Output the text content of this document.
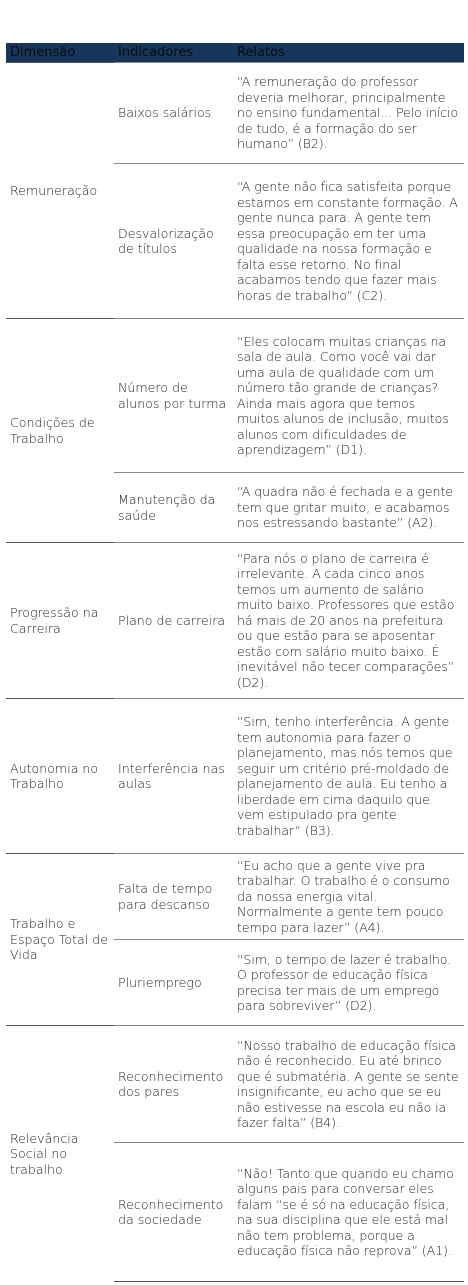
Dimensão	Indicadores	Relatos
Remuneração	Baixos salários	“A remuneração do professor deveria melhorar, principalmente no ensino fundamental... Pelo início de tudo, é a formação do ser humano” (B2).
	Desvalorização de títulos	“A gente não fica satisfeita porque estamos em constante formação. A gente nunca para. A gente tem essa preocupação em ter uma qualidade na nossa formação e falta esse retorno. No final acabamos tendo que fazer mais horas de trabalho” (C2).
Condições de Trabalho	Número de alunos por turma	“Eles colocam muitas crianças na sala de aula. Como você vai dar uma aula de qualidade com um número tão grande de crianças? Ainda mais agora que temos muitos alunos de inclusão, muitos alunos com dificuldades de aprendizagem” (D1).
	Manutenção da saúde	“A quadra não é fechada e a gente tem que gritar muito, e acabamos nos estressando bastante” (A2).
Progressão na Carreira	Plano de carreira	“Para nós o plano de carreira é irrelevante. A cada cinco anos temos um aumento de salário muito baixo. Professores que estão há mais de 20 anos na prefeitura ou que estão para se aposentar estão com salário muito baixo. É inevitável não tecer comparações” (D2).
Autonomia no Trabalho	Interferência nas aulas	“Sim, tenho interferência. A gente tem autonomia para fazer o planejamento, mas nós temos que seguir um critério pré-moldado de planejamento de aula. Eu tenho a liberdade em cima daquilo que vem estipulado pra gente trabalhar” (B3).
Trabalho e Espaço Total de Vida	Falta de tempo para descanso	“Eu acho que a gente vive pra trabalhar. O trabalho é o consumo da nossa energia vital. Normalmente a gente tem pouco tempo para lazer” (A4).
	Pluriemprego	“Sim, o tempo de lazer é trabalho. O professor de educação física precisa ter mais de um emprego para sobreviver” (D2).
Relevância Social no trabalho	Reconhecimento dos pares	“Nosso trabalho de educação física não é reconhecido. Eu até brinco que é submatéria. A gente se sente insignificante, eu acho que se eu não estivesse na escola eu não ia fazer falta” (B4).
	Reconhecimento da sociedade	“Não! Tanto que quando eu chamo alguns pais para conversar eles falam “se é só na educação física, na sua disciplina que ele está mal não tem problema, porque a educação física não reprova” (A1).
